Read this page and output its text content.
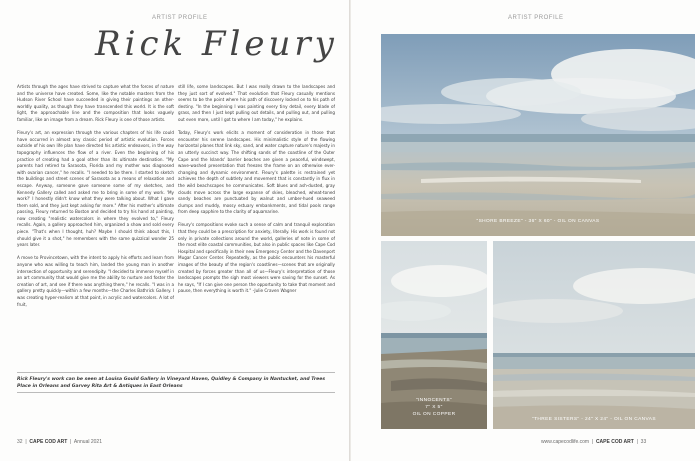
ARTIST PROFILE
Rick Fleury

Artists through the ages have strived to capture what the forces of nature and the universe have created. Some, like the notable masters from the Hudson River School have succeeded in giving their paintings an other-worldly quality, as though they have transcended this world. It is the soft light, the approachable line and the composition that looks vaguely familiar, like an image from a dream. Rick Fleury is one of those artists.

Fleury's art, an expression through the various chapters of his life could have occurred in almost any classic period of artistic evolution. Forces outside of his own life plan have directed his artistic endeavors, in the way topography influences the flow of a river. Even the beginning of his practice of creating had a goal other than its ultimate destination. "My parents had retired to Sarasota, Florida and my mother was diagnosed with ovarian cancer," he recalls. "I needed to be there. I started to sketch the buildings and street scenes of Sarasota as a means of relaxation and escape. Anyway, someone gave someone some of my sketches, and Kennedy Gallery called and asked me to bring in some of my work. 'My work?' I honestly didn't know what they were talking about. What I gave them sold, and they just kept asking for more." After his mother's ultimate passing, Fleury returned to Boston and decided to try his hand at painting, now creating "realistic watercolors in where they evolved to," Fleury recalls. Again, a gallery approached him, organized a show and sold every piece. "That's when I thought, huh? Maybe I should think about this, I should give it a shot," he remembers with the same quizzical wonder 25 years later.

A move to Provincetown, with the intent to apply his efforts and learn from anyone who was willing to teach him, landed the young man in another intersection of opportunity and serendipity. "I decided to immerse myself in an art community that would give me the ability to nurture and foster the creation of art, and see if there was anything there," he recalls. "I was in a gallery pretty quickly—within a few months—the Charles Bathrick Gallery. I was creating hyper-realism at that point, in acrylic and watercolors. A lot of fruit,

still life, some landscapes. But I was really drawn to the landscapes and they just sort of evolved." That evolution that Fleury casually mentions seems to be the point where his path of discovery locked on to his path of destiny. "In the beginning I was painting every tiny detail, every blade of grass, and then I just kept pulling out details, and pulling out, and pulling out even more, until I got to where I am today," he explains.

Today, Fleury's work elicits a moment of consideration in those that encounter his serene landscapes. His minimalistic style of the flowing horizontal planes that link sky, sand, and water capture nature's majesty in an utterly succinct way. The shifting sands of the coastline of the Outer Cape and the Islands' barrier beaches are given a peaceful, windswept, wave-washed presentation that freezes the frame on an otherwise ever-changing and dynamic environment. Fleury's palette is restrained yet achieves the depth of subtlety and movement that is constantly in flux in the wild beachscapes he communicates. Soft blues and ash-dusted, gray clouds move across the large expanse of skies, bleached, wheat-toned sandy beaches are punctuated by walnut and umber-hued seaweed clumps and muddy, mossy estuary embankments, and tidal pools range from deep sapphire to the clarity of aquamarine.

Fleury's compositions evoke such a sense of calm and tranquil exploration that they could be a prescription for anxiety, literally. His work is found not only in private collections around the world, galleries of note in some of the most elite coastal communities, but also in public spaces like Cape Cod Hospital and specifically in their new Emergency Center and the Davenport Mugar Cancer Center. Repeatedly, as the public encounters his masterful images of the beauty of the region's coastlines—scenes that are originally created by forces greater than all of us—Fleury's interpretation of those landscapes prompts the sigh most viewers were saving for the sunset. As he says, "If I can give one person the opportunity to take that moment and pause, then everything is worth it." -Julie Craven Wagner

Rick Fleury's work can be seen at Louisa Gould Gallery in Vineyard Haven, Quidley & Company in Nantucket, and Trees Place in Orleans and Garvey Rita Art & Antiques in East Orleans
32  |  CAPE COD ART  |  Annual 2021
ARTIST PROFILE
"SHORE BREEZE" - 36" X 60" - OIL ON CANVAS
"INNOCENTS"
7" X 5"
OIL ON COPPER
"THREE SISTERS" - 24" X 24" - OIL ON CANVAS
www.capecodlife.com  |  CAPE COD ART  |  33
